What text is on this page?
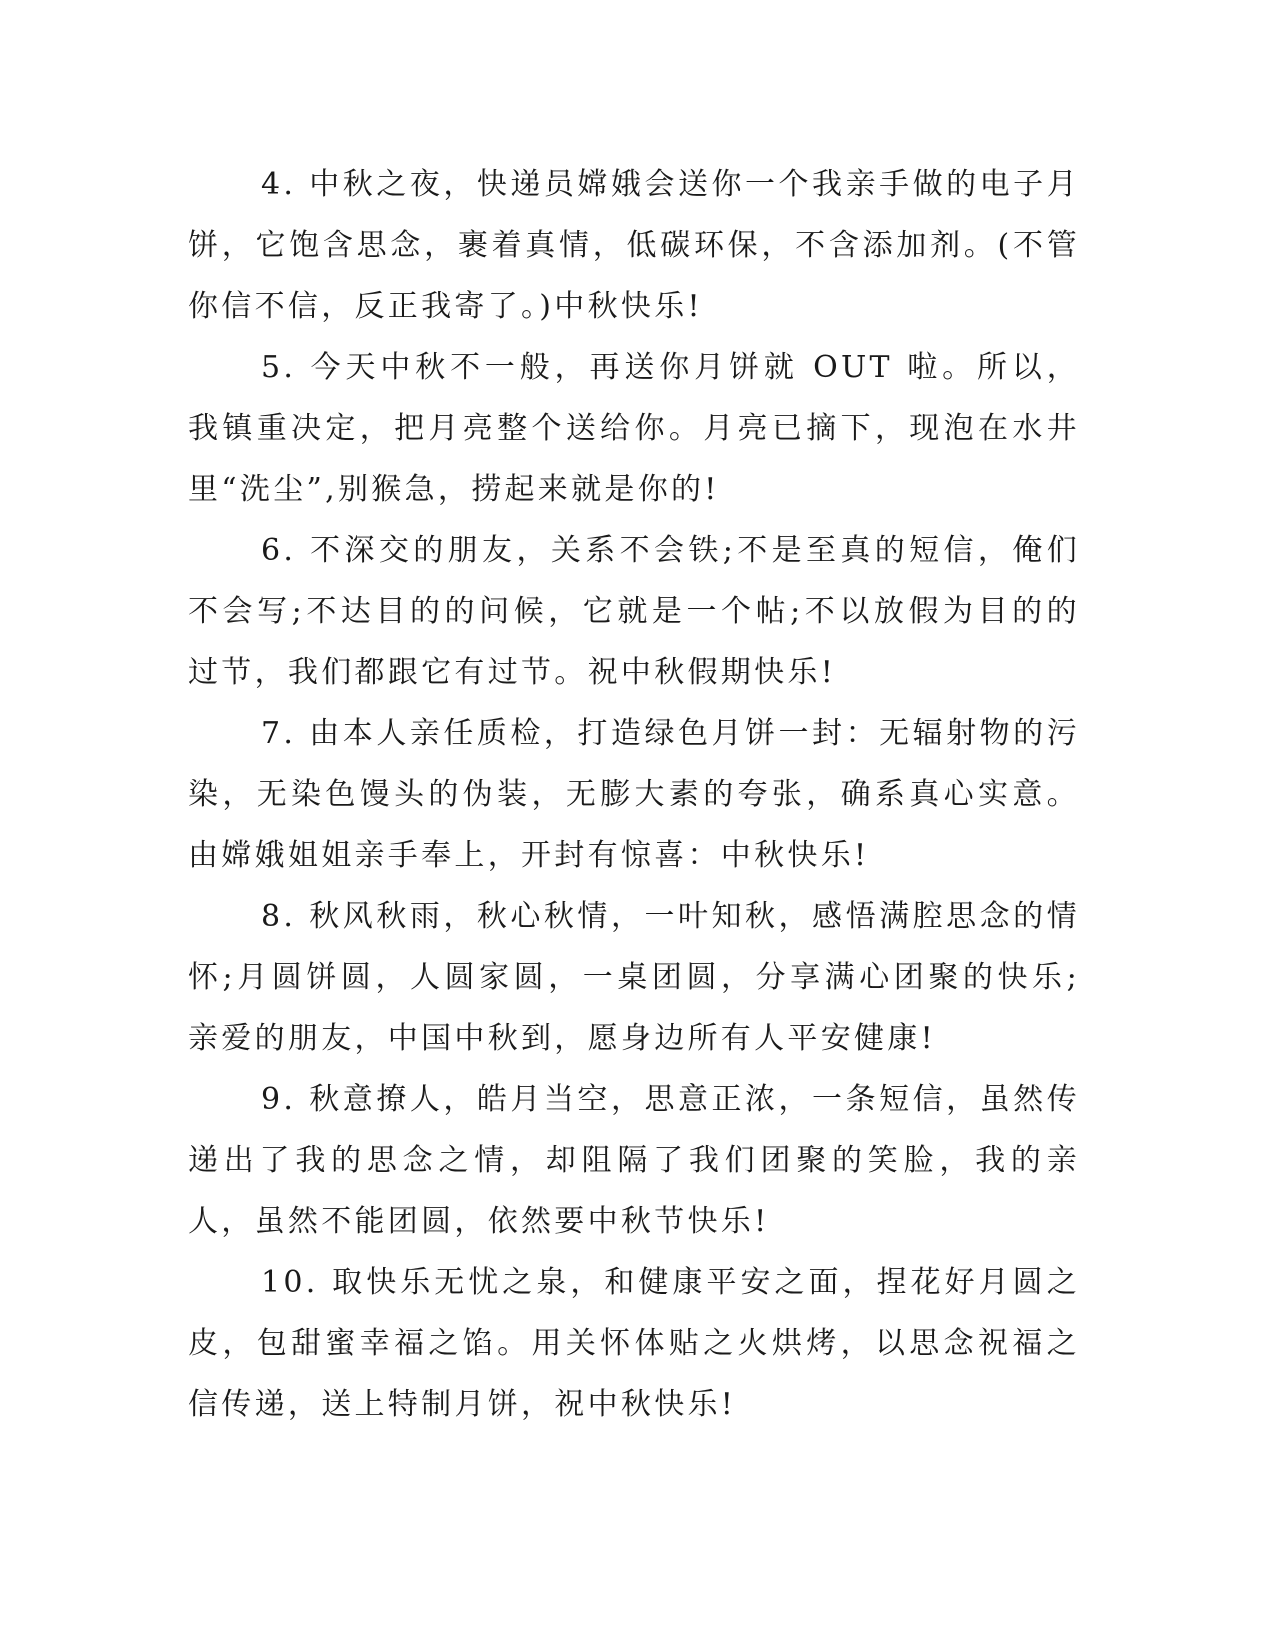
4. 中秋之夜，快递员嫦娥会送你一个我亲手做的电子月饼，它饱含思念，裹着真情，低碳环保，不含添加剂。(不管你信不信，反正我寄了。)中秋快乐!

5. 今天中秋不一般，再送你月饼就 OUT 啦。所以，我镇重决定，把月亮整个送给你。月亮已摘下，现泡在水井里“洗尘”,别猴急，捞起来就是你的!

6. 不深交的朋友，关系不会铁;不是至真的短信，俺们不会写;不达目的的问候，它就是一个帖;不以放假为目的的过节，我们都跟它有过节。祝中秋假期快乐!

7. 由本人亲任质检，打造绿色月饼一封：无辐射物的污染，无染色馒头的伪装，无膨大素的夸张，确系真心实意。由嫦娥姐姐亲手奉上，开封有惊喜：中秋快乐!

8. 秋风秋雨，秋心秋情，一叶知秋，感悟满腔思念的情怀;月圆饼圆，人圆家圆，一桌团圆，分享满心团聚的快乐;亲爱的朋友，中国中秋到，愿身边所有人平安健康!

9. 秋意撩人，皓月当空，思意正浓，一条短信，虽然传递出了我的思念之情，却阻隔了我们团聚的笑脸，我的亲人，虽然不能团圆，依然要中秋节快乐!

10. 取快乐无忧之泉，和健康平安之面，捏花好月圆之皮，包甜蜜幸福之馅。用关怀体贴之火烘烤，以思念祝福之信传递，送上特制月饼，祝中秋快乐!
